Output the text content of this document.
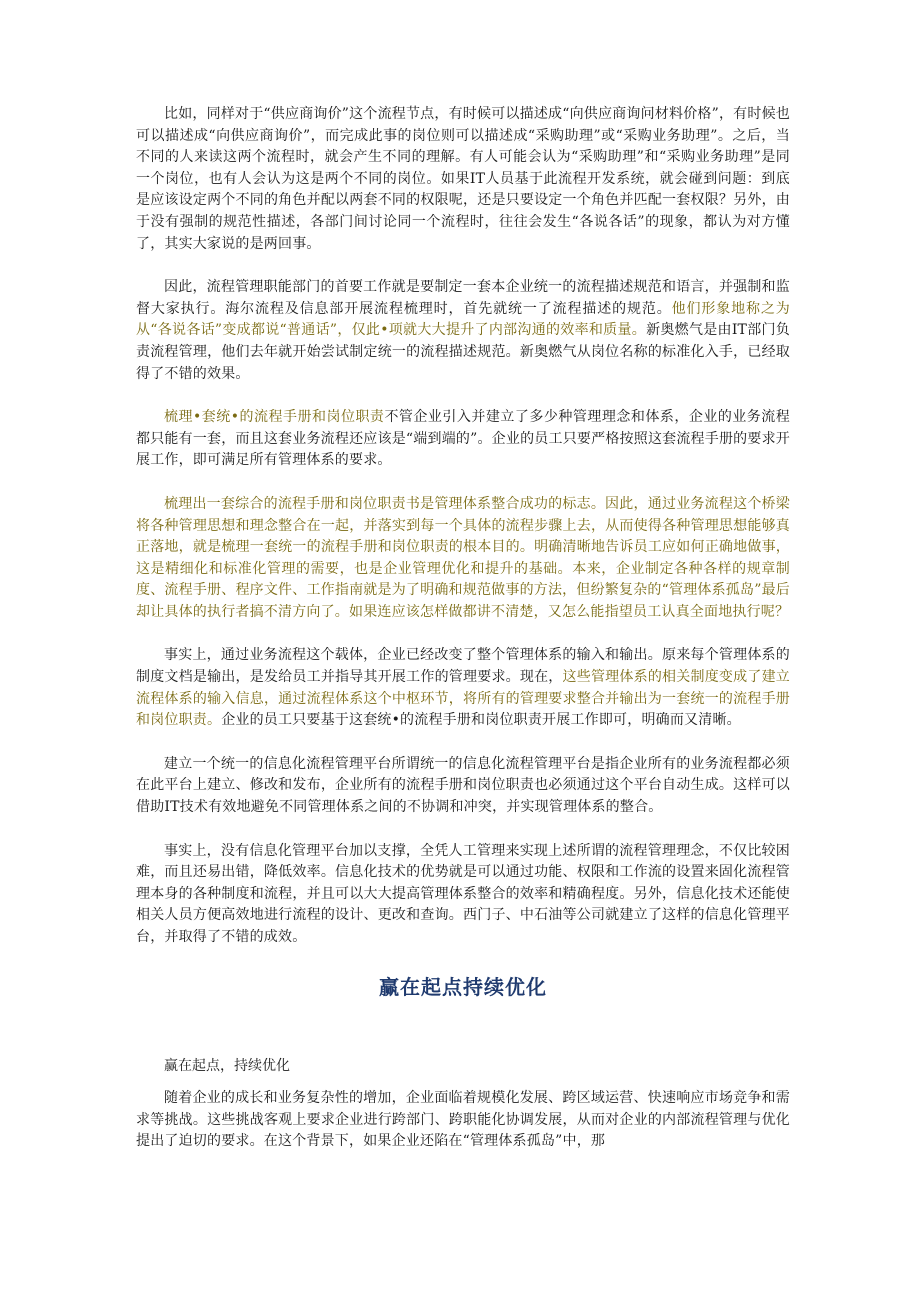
比如，同样对于“供应商询价”这个流程节点，有时候可以描述成“向供应商询问材料价格”，有时候也可以描述成“向供应商询价”，而完成此事的岗位则可以描述成“采购助理”或“采购业务助理”。之后，当不同的人来读这两个流程时，就会产生不同的理解。有人可能会认为“采购助理”和“采购业务助理”是同一个岗位，也有人会认为这是两个不同的岗位。如果IT人员基于此流程开发系统，就会碰到问题：到底是应该设定两个不同的角色并配以两套不同的权限呢，还是只要设定一个角色并匹配一套权限？另外，由于没有强制的规范性描述，各部门间讨论同一个流程时，往往会发生“各说各话”的现象，都认为对方懂了，其实大家说的是两回事。

因此，流程管理职能部门的首要工作就是要制定一套本企业统一的流程描述规范和语言，并强制和监督大家执行。海尔流程及信息部开展流程梳理时，首先就统一了流程描述的规范。他们形象地称之为从“各说各话”变成都说“普通话”，仅此•项就大大提升了内部沟通的效率和质量。新奥燃气是由IT部门负责流程管理，他们去年就开始尝试制定统一的流程描述规范。新奥燃气从岗位名称的标准化入手，已经取得了不错的效果。

梳理•套统•的流程手册和岗位职责不管企业引入并建立了多少种管理理念和体系，企业的业务流程都只能有一套，而且这套业务流程还应该是“端到端的”。企业的员工只要严格按照这套流程手册的要求开展工作，即可满足所有管理体系的要求。

梳理出一套综合的流程手册和岗位职责书是管理体系整合成功的标志。因此，通过业务流程这个桥梁将各种管理思想和理念整合在一起，并落实到每一个具体的流程步骤上去，从而使得各种管理思想能够真正落地，就是梳理一套统一的流程手册和岗位职责的根本目的。明确清晰地告诉员工应如何正确地做事，这是精细化和标准化管理的需要，也是企业管理优化和提升的基础。本来，企业制定各种各样的规章制度、流程手册、程序文件、工作指南就是为了明确和规范做事的方法，但纷繁复杂的“管理体系孤岛”最后却让具体的执行者搞不清方向了。如果连应该怎样做都讲不清楚，又怎么能指望员工认真全面地执行呢？

事实上，通过业务流程这个载体，企业已经改变了整个管理体系的输入和输出。原来每个管理体系的制度文档是输出，是发给员工并指导其开展工作的管理要求。现在，这些管理体系的相关制度变成了建立流程体系的输入信息，通过流程体系这个中枢环节，将所有的管理要求整合并输出为一套统一的流程手册和岗位职责。企业的员工只要基于这套统•的流程手册和岗位职责开展工作即可，明确而又清晰。

建立一个统一的信息化流程管理平台所谓统一的信息化流程管理平台是指企业所有的业务流程都必须在此平台上建立、修改和发布，企业所有的流程手册和岗位职责也必须通过这个平台自动生成。这样可以借助IT技术有效地避免不同管理体系之间的不协调和冲突，并实现管理体系的整合。

事实上，没有信息化管理平台加以支撑，全凭人工管理来实现上述所谓的流程管理理念，不仅比较困难，而且还易出错，降低效率。信息化技术的优势就是可以通过功能、权限和工作流的设置来固化流程管理本身的各种制度和流程，并且可以大大提高管理体系整合的效率和精确程度。另外，信息化技术还能使相关人员方便高效地进行流程的设计、更改和查询。西门子、中石油等公司就建立了这样的信息化管理平台，并取得了不错的成效。

赢在起点持续优化

赢在起点，持续优化

随着企业的成长和业务复杂性的增加，企业面临着规模化发展、跨区域运营、快速响应市场竞争和需求等挑战。这些挑战客观上要求企业进行跨部门、跨职能化协调发展，从而对企业的内部流程管理与优化提出了迫切的要求。在这个背景下，如果企业还陷在“管理体系孤岛”中，那
